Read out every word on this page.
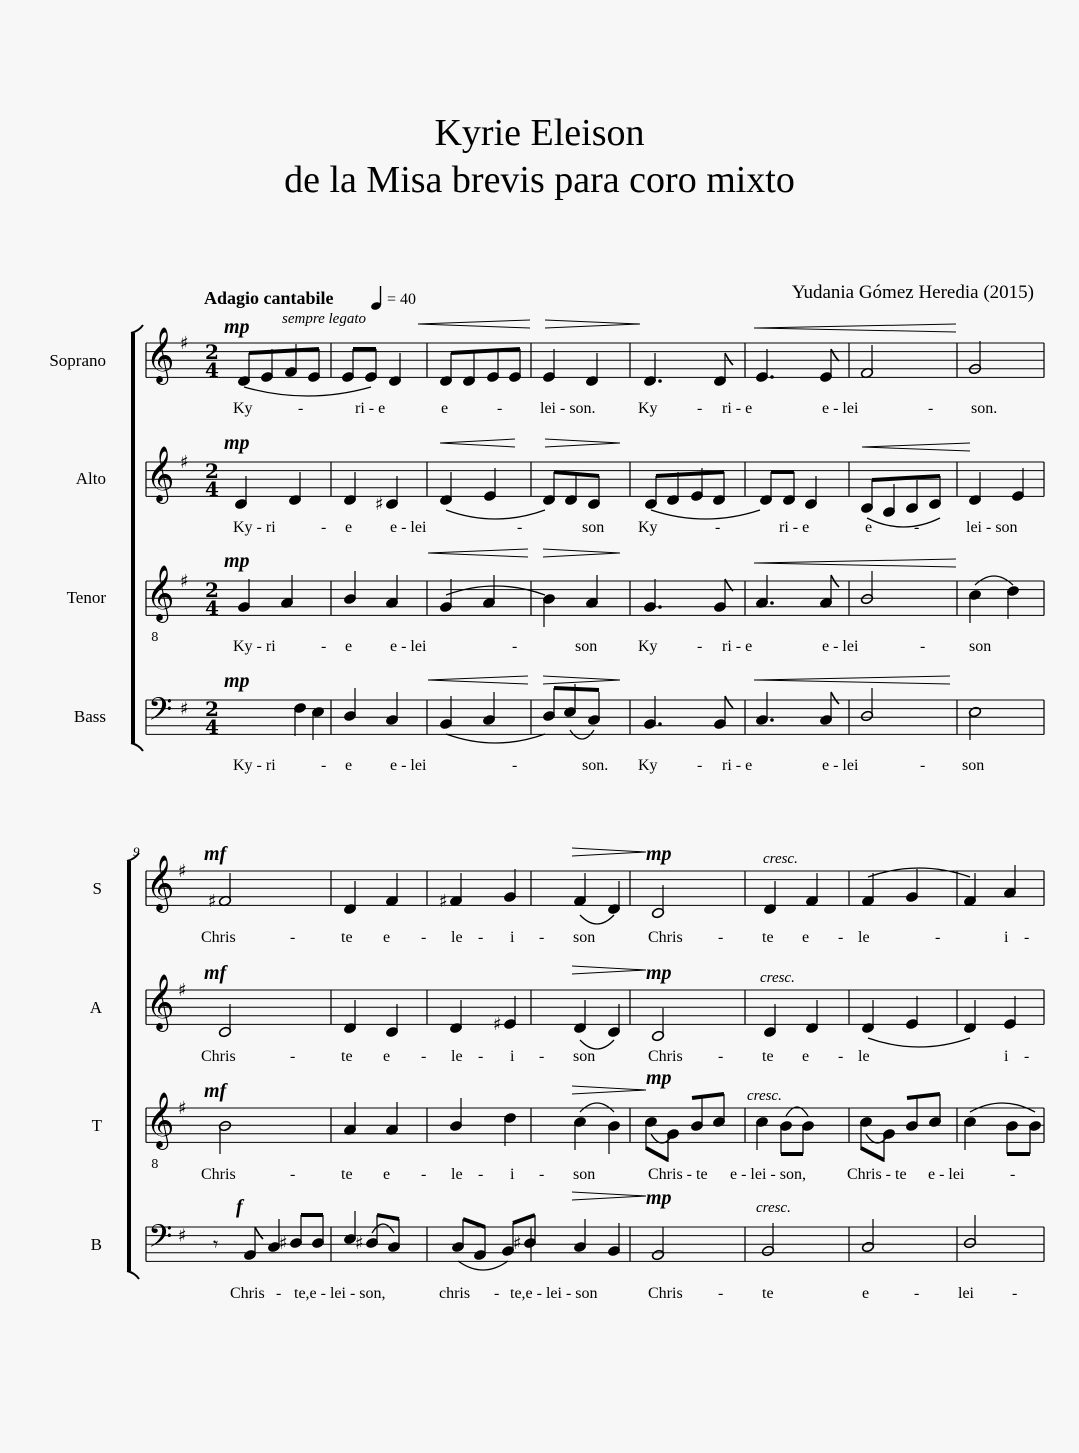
Kyrie Eleison
de la Misa brevis para coro mixto
Yudania Gómez Heredia (2015)
Adagio cantabile	= 40
sempre legato
Soprano
Alto
Tenor
Bass
mp
mp
mp
mp
Ky	-	ri - e	e	- lei - son.	Ky - ri - e	e - lei	- son.
Ky - ri	- e e - lei	-	son Ky	-	ri - e	e	-	lei - son
Ky - ri	- e e - lei	-	son	Ky - ri - e	e - lei	-	son
Ky - ri	- e e - lei	-	son. Ky - ri - e	e - lei	- son
9
S
A
T
B
mf
mf
mf
f
mp
mp
mp
mp
cresc.
cresc.
cresc.
cresc.
Chris	-	te e - le - i - son	Chris - te e - le	-	i -
Chris	-	te e - le - i - son	Chris - te e - le	i -
Chris	-	te e - le - i - son	Chris - te e - lei - son,	Chris - te e - lei	-
Chris - te,e - lei - son,	chris - te,e - lei - son	Chris - te	e	- lei -
𝄞 ♯ 2
4
𝄞 ♯ 2
4
𝄞 ♯ 2
4
𝄢 ♯ 2
4
8
♯
𝄞 ♯
𝄞 ♯
𝄞 ♯
𝄢 ♯
8
♯	♯
♯
𝄾	♯	♯	♯
